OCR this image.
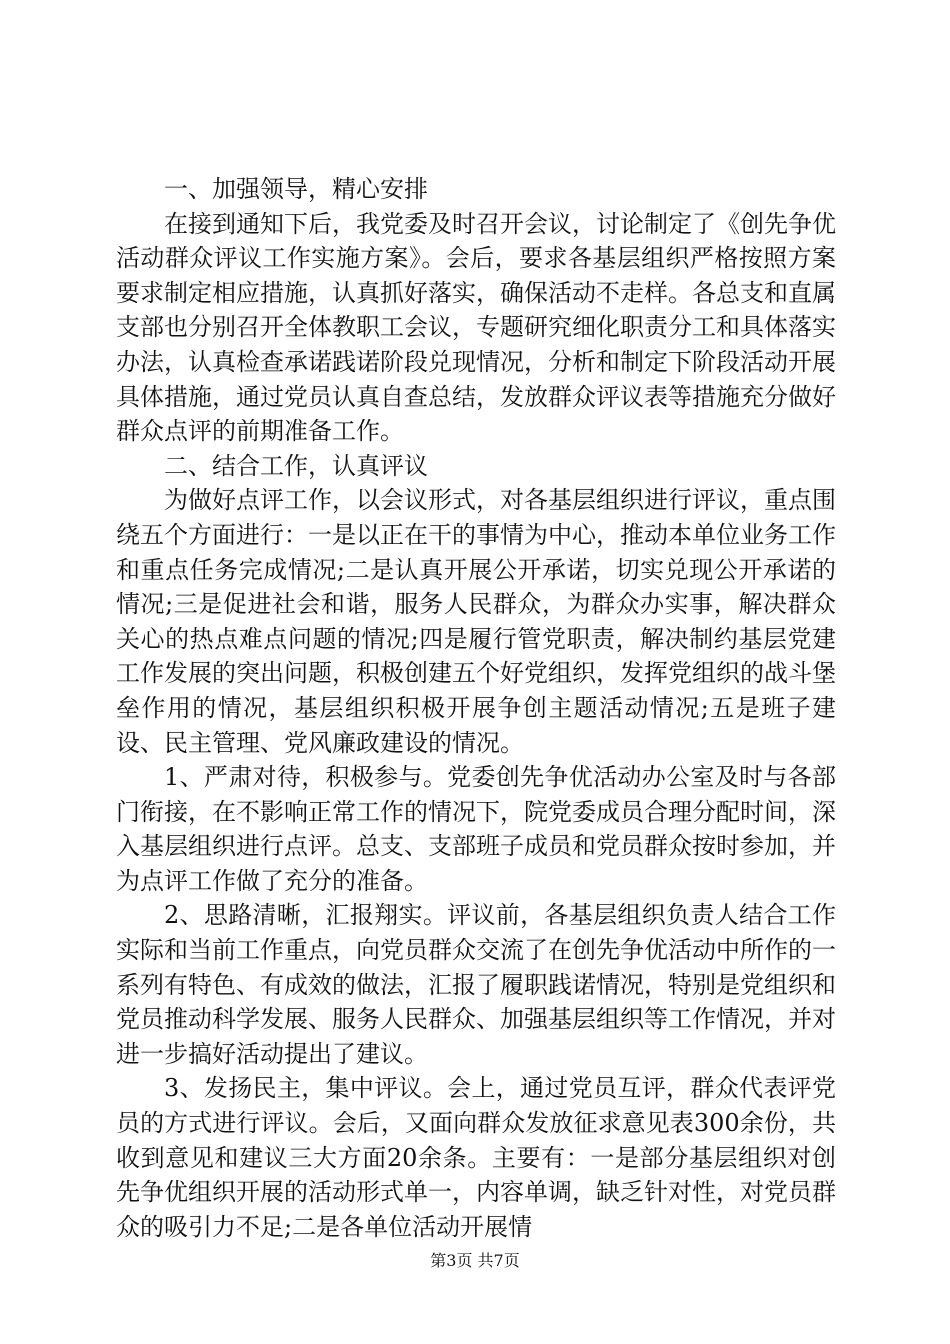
一、加强领导，精心安排

在接到通知下后，我党委及时召开会议，讨论制定了《创先争优活动群众评议工作实施方案》。会后，要求各基层组织严格按照方案要求制定相应措施，认真抓好落实，确保活动不走样。各总支和直属支部也分别召开全体教职工会议，专题研究细化职责分工和具体落实办法，认真检查承诺践诺阶段兑现情况，分析和制定下阶段活动开展具体措施，通过党员认真自查总结，发放群众评议表等措施充分做好群众点评的前期准备工作。

二、结合工作，认真评议

为做好点评工作，以会议形式，对各基层组织进行评议，重点围绕五个方面进行：一是以正在干的事情为中心，推动本单位业务工作和重点任务完成情况;二是认真开展公开承诺，切实兑现公开承诺的情况;三是促进社会和谐，服务人民群众，为群众办实事，解决群众关心的热点难点问题的情况;四是履行管党职责，解决制约基层党建工作发展的突出问题，积极创建五个好党组织，发挥党组织的战斗堡垒作用的情况，基层组织积极开展争创主题活动情况;五是班子建设、民主管理、党风廉政建设的情况。

1、严肃对待，积极参与。党委创先争优活动办公室及时与各部门衔接，在不影响正常工作的情况下，院党委成员合理分配时间，深入基层组织进行点评。总支、支部班子成员和党员群众按时参加，并为点评工作做了充分的准备。

2、思路清晰，汇报翔实。评议前，各基层组织负责人结合工作实际和当前工作重点，向党员群众交流了在创先争优活动中所作的一系列有特色、有成效的做法，汇报了履职践诺情况，特别是党组织和党员推动科学发展、服务人民群众、加强基层组织等工作情况，并对进一步搞好活动提出了建议。

3、发扬民主，集中评议。会上，通过党员互评，群众代表评党员的方式进行评议。会后，又面向群众发放征求意见表300余份，共收到意见和建议三大方面20余条。主要有：一是部分基层组织对创先争优组织开展的活动形式单一，内容单调，缺乏针对性，对党员群众的吸引力不足;二是各单位活动开展情

第3页 共7页
